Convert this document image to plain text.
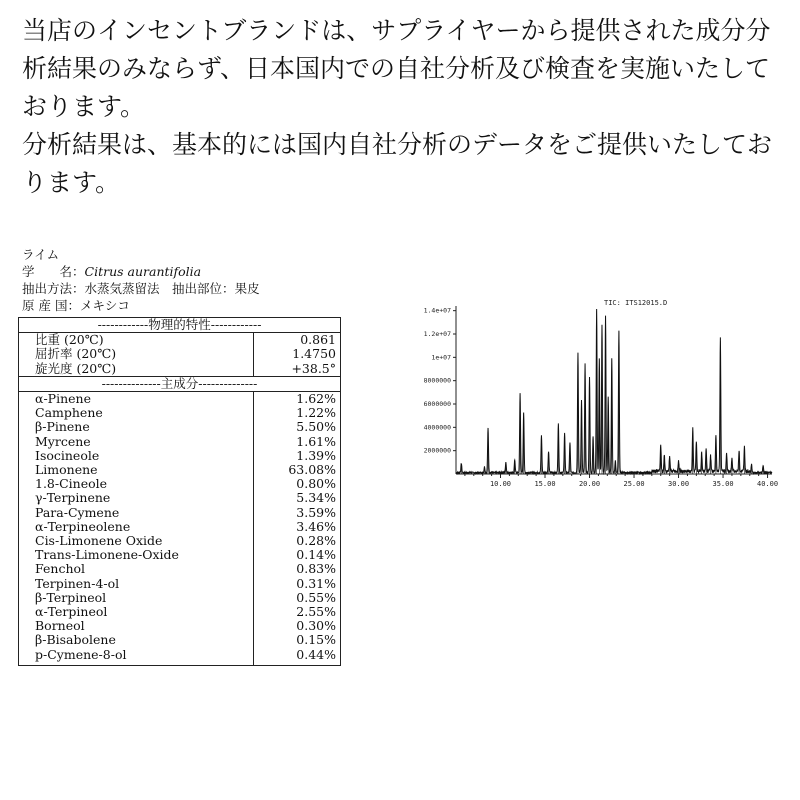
当店のインセントブランドは、サプライヤーから提供された成分分析結果のみならず、日本国内での自社分析及び検査を実施いたしております。
分析結果は、基本的には国内自社分析のデータをご提供いたしております。
ライム
学　　名：Citrus aurantifolia
抽出方法：水蒸気蒸留法　 抽出部位：果皮
原 産 国：メキシコ
------------物理的特性------------	
比重 (20℃)	0.861
屈折率 (20℃)	1.4750
旋光度 (20℃)	+38.5°
--------------主成分--------------	
α-Pinene	1.62%
Camphene	1.22%
β-Pinene	5.50%
Myrcene	1.61%
Isocineole	1.39%
Limonene	63.08%
1.8-Cineole	0.80%
γ-Terpinene	5.34%
Para-Cymene	3.59%
α-Terpineolene	3.46%
Cis-Limonene Oxide	0.28%
Trans-Limonene-Oxide	0.14%
Fenchol	0.83%
Terpinen-4-ol	0.31%
β-Terpineol	0.55%
α-Terpineol	2.55%
Borneol	0.30%
β-Bisabolene	0.15%
p-Cymene-8-ol	0.44%
TIC: ITS12015.D
2000000
4000000
6000000
8000000
1e+07
1.2e+07
1.4e+07
10.00	15.00	20.00	25.00	30.00	35.00	40.00
